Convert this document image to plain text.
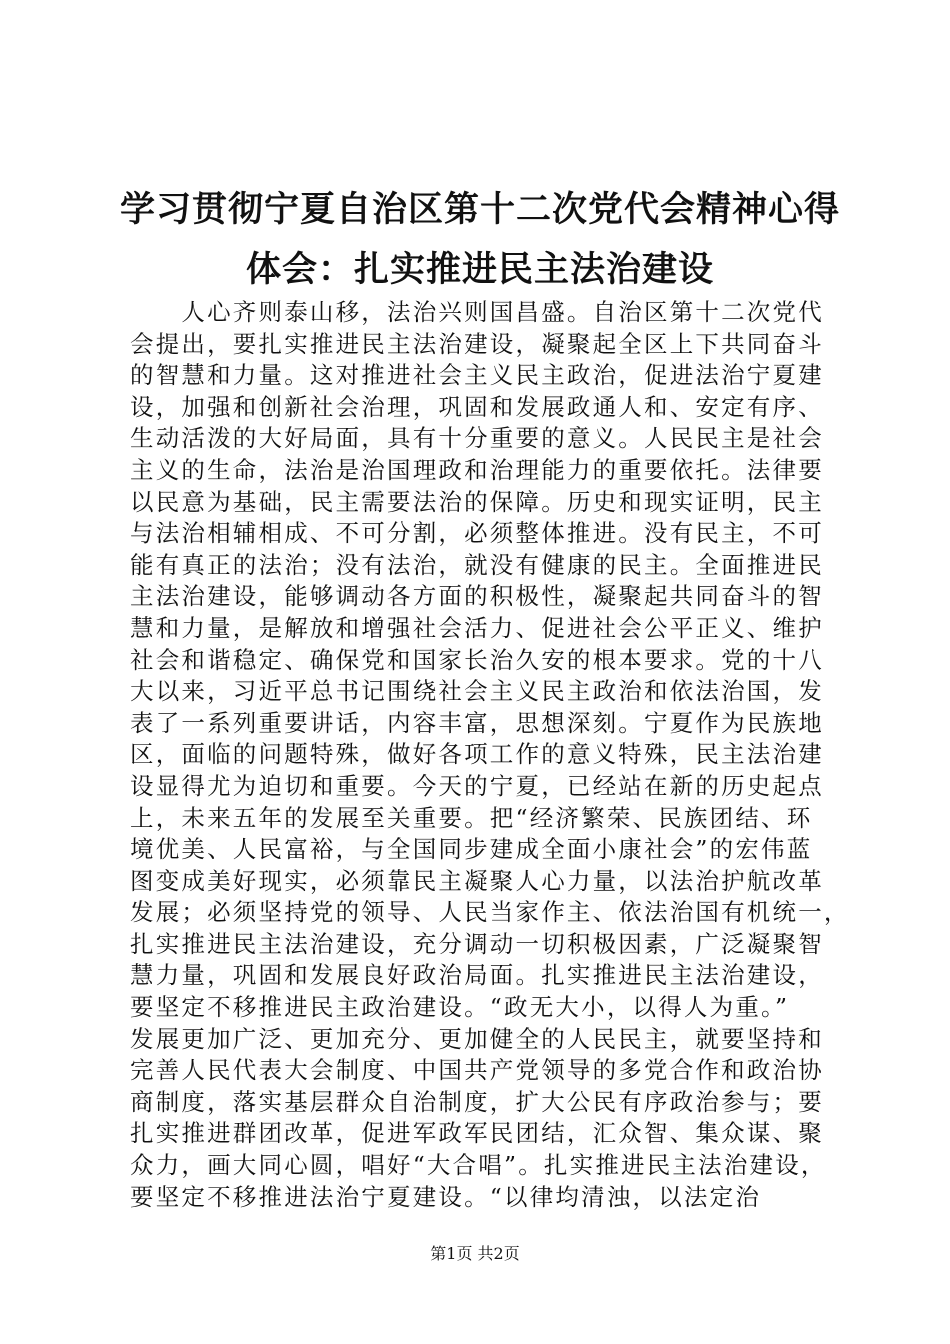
学习贯彻宁夏自治区第十二次党代会精神心得
体会：扎实推进民主法治建设
　　人心齐则泰山移，法治兴则国昌盛。自治区第十二次党代
会提出，要扎实推进民主法治建设，凝聚起全区上下共同奋斗
的智慧和力量。这对推进社会主义民主政治，促进法治宁夏建
设，加强和创新社会治理，巩固和发展政通人和、安定有序、
生动活泼的大好局面，具有十分重要的意义。人民民主是社会
主义的生命，法治是治国理政和治理能力的重要依托。法律要
以民意为基础，民主需要法治的保障。历史和现实证明，民主
与法治相辅相成、不可分割，必须整体推进。没有民主，不可
能有真正的法治；没有法治，就没有健康的民主。全面推进民
主法治建设，能够调动各方面的积极性，凝聚起共同奋斗的智
慧和力量，是解放和增强社会活力、促进社会公平正义、维护
社会和谐稳定、确保党和国家长治久安的根本要求。党的十八
大以来，习近平总书记围绕社会主义民主政治和依法治国，发
表了一系列重要讲话，内容丰富，思想深刻。宁夏作为民族地
区，面临的问题特殊，做好各项工作的意义特殊，民主法治建
设显得尤为迫切和重要。今天的宁夏，已经站在新的历史起点
上，未来五年的发展至关重要。把“经济繁荣、民族团结、环
境优美、人民富裕，与全国同步建成全面小康社会”的宏伟蓝
图变成美好现实，必须靠民主凝聚人心力量，以法治护航改革
发展；必须坚持党的领导、人民当家作主、依法治国有机统一，
扎实推进民主法治建设，充分调动一切积极因素，广泛凝聚智
慧力量，巩固和发展良好政治局面。扎实推进民主法治建设，
要坚定不移推进民主政治建设。“政无大小，以得人为重。”
发展更加广泛、更加充分、更加健全的人民民主，就要坚持和
完善人民代表大会制度、中国共产党领导的多党合作和政治协
商制度，落实基层群众自治制度，扩大公民有序政治参与；要
扎实推进群团改革，促进军政军民团结，汇众智、集众谋、聚
众力，画大同心圆，唱好“大合唱”。扎实推进民主法治建设，
要坚定不移推进法治宁夏建设。“以律均清浊，以法定治
第1页 共2页
